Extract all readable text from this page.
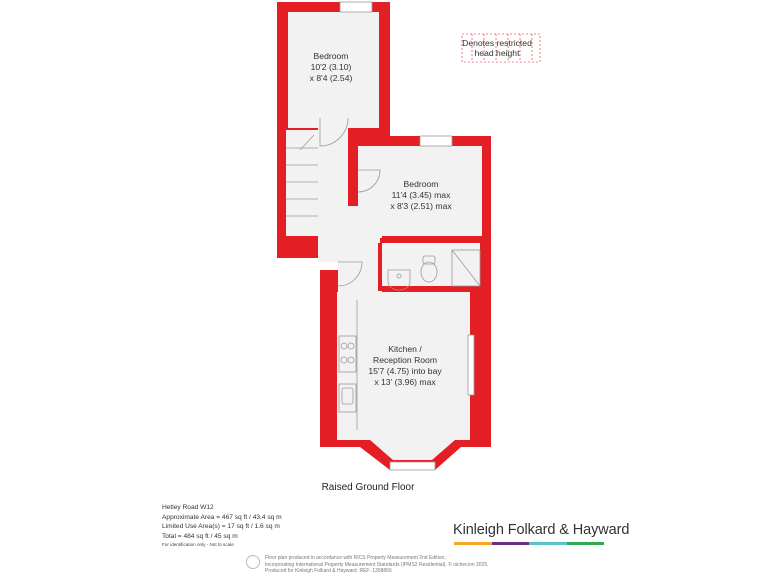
Bedroom
10'2 (3.10)
x 8'4 (2.54)
Bedroom
11'4 (3.45) max
x 8'3 (2.51) max
Kitchen /
Reception Room
15'7 (4.75) into bay
x 13' (3.96) max
Denotes restricted
head height
Raised Ground Floor
Hetley Road W12
Approximate Area = 467 sq ft / 43.4 sq m
Limited Use Area(s) = 17 sq ft / 1.6 sq m
Total = 484 sq ft / 45 sq m
For identification only - Not to scale
Kinleigh Folkard & Hayward
Floor plan produced in accordance with RICS Property Measurement 2nd Edition,
Incorporating International Property Measurement Standards (IPMS2 Residential). © nichecom 2025.
Produced for Kinleigh Folkard & Hayward. REF: 1358866
